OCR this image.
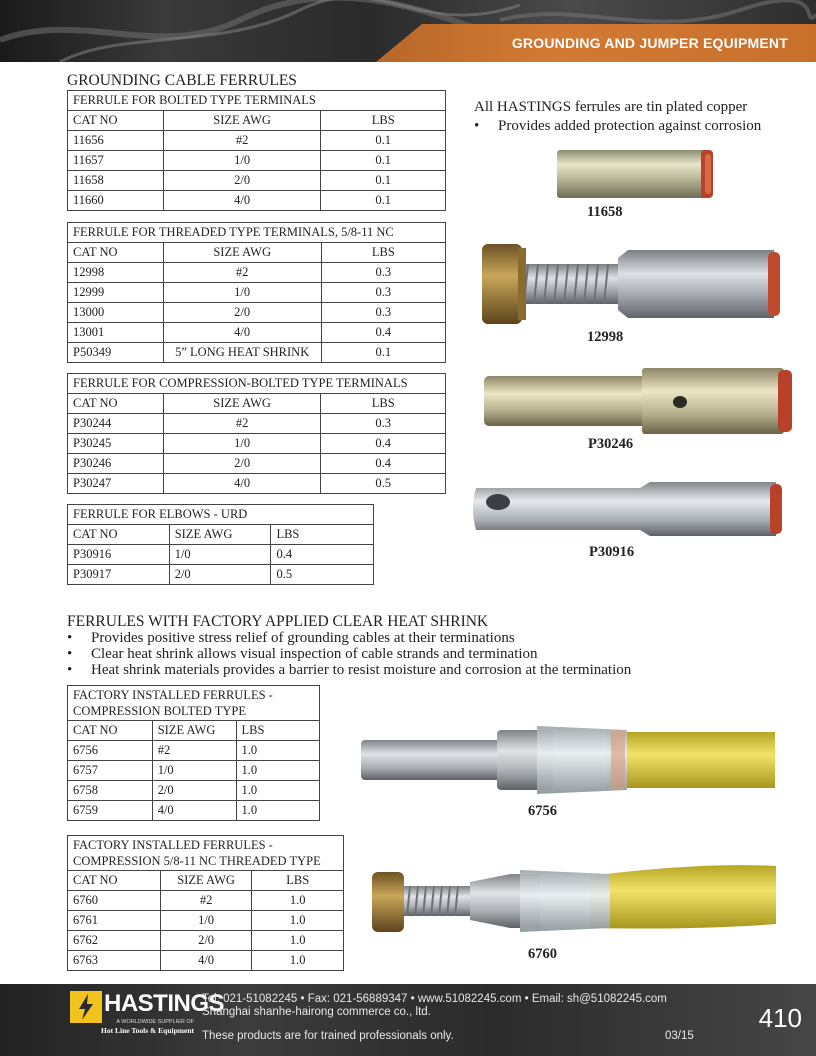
GROUNDING AND JUMPER EQUIPMENT
GROUNDING CABLE FERRULES
FERRULE FOR BOLTED TYPE TERMINALS		
CAT NO	SIZE AWG	LBS
11656	#2	0.1
11657	1/0	0.1
11658	2/0	0.1
11660	4/0	0.1
FERRULE FOR THREADED TYPE TERMINALS, 5/8-11 NC		
CAT NO	SIZE AWG	LBS
12998	#2	0.3
12999	1/0	0.3
13000	2/0	0.3
13001	4/0	0.4
P50349	5” LONG HEAT SHRINK	0.1
FERRULE FOR COMPRESSION-BOLTED TYPE TERMINALS		
CAT NO	SIZE AWG	LBS
P30244	#2	0.3
P30245	1/0	0.4
P30246	2/0	0.4
P30247	4/0	0.5
FERRULE FOR ELBOWS - URD		
CAT NO	SIZE AWG	LBS
P30916	1/0	0.4
P30917	2/0	0.5
All HASTINGS ferrules are tin plated copper
• Provides added protection against corrosion
11658
12998
P30246
P30916
FERRULES WITH FACTORY APPLIED CLEAR HEAT SHRINK
• Provides positive stress relief of grounding cables at their terminations
• Clear heat shrink allows visual inspection of cable strands and termination
• Heat shrink materials provides a barrier to resist moisture and corrosion at the termination
FACTORY INSTALLED FERRULES -
COMPRESSION BOLTED TYPE		

CAT NO	SIZE AWG	LBS
6756	#2	1.0
6757	1/0	1.0
6758	2/0	1.0
6759	4/0	1.0
FACTORY INSTALLED FERRULES -
COMPRESSION 5/8-11 NC THREADED TYPE		

CAT NO	SIZE AWG	LBS
6760	#2	1.0
6761	1/0	1.0
6762	2/0	1.0
6763	4/0	1.0
6756
6760
HASTINGS
A WORLDWIDE SUPPLIER OF
Hot Line Tools & Equipment
Tel: 021-51082245 • Fax: 021-56889347 • www.51082245.com • Email: sh@51082245.com
Shanghai shanhe-hairong commerce co., ltd.
These products are for trained professionals only.	03/15
410
